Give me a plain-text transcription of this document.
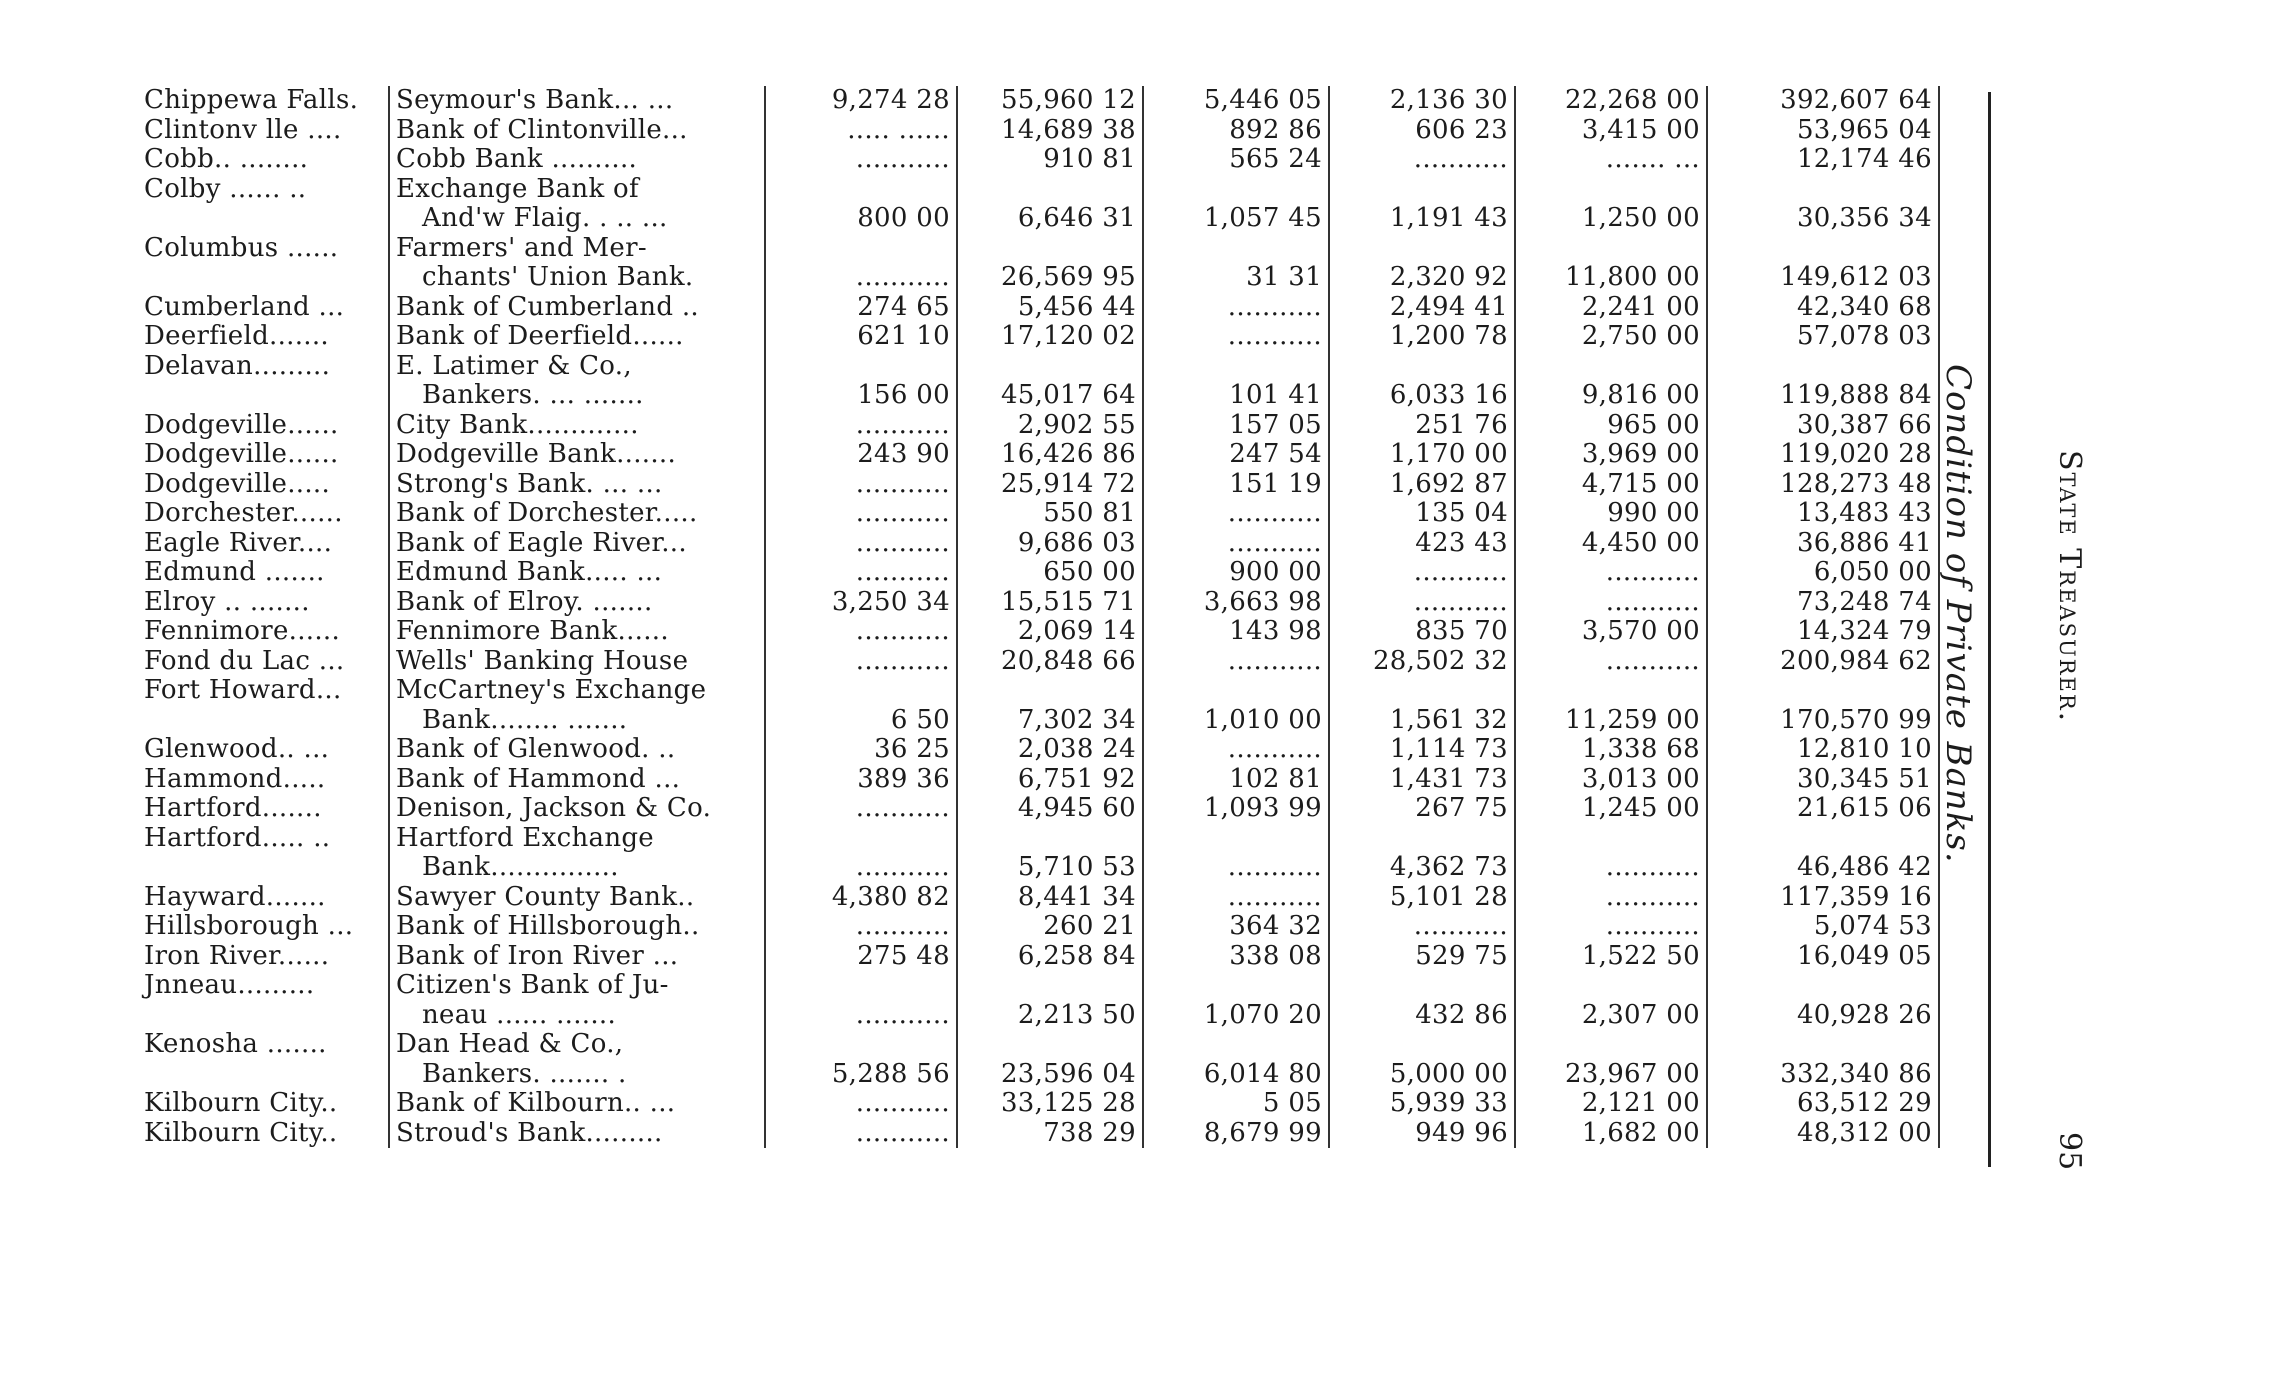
Chippewa Falls.	Seymour's Bank... ...	9,274 28	55,960 12	5,446 05	2,136 30	22,268 00	392,607 64
Clintonv lle ....	Bank of Clintonville...	..... ......	14,689 38	892 86	606 23	3,415 00	53,965 04
Cobb.. ........	Cobb Bank ..........	...........	910 81	565 24	...........	....... ...	12,174 46
Colby ...... ..	Exchange Bank of						
	And'w Flaig. . .. ...	800 00	6,646 31	1,057 45	1,191 43	1,250 00	30,356 34
Columbus ......	Farmers' and Mer-						
	chants' Union Bank.	...........	26,569 95	31 31	2,320 92	11,800 00	149,612 03
Cumberland ...	Bank of Cumberland ..	274 65	5,456 44	...........	2,494 41	2,241 00	42,340 68
Deerfield.......	Bank of Deerfield......	621 10	17,120 02	...........	1,200 78	2,750 00	57,078 03
Delavan.........	E. Latimer & Co.,						
	Bankers. ... .......	156 00	45,017 64	101 41	6,033 16	9,816 00	119,888 84
Dodgeville......	City Bank.............	...........	2,902 55	157 05	251 76	965 00	30,387 66
Dodgeville......	Dodgeville Bank.......	243 90	16,426 86	247 54	1,170 00	3,969 00	119,020 28
Dodgeville.....	Strong's Bank. ... ...	...........	25,914 72	151 19	1,692 87	4,715 00	128,273 48
Dorchester......	Bank of Dorchester.....	...........	550 81	...........	135 04	990 00	13,483 43
Eagle River....	Bank of Eagle River...	...........	9,686 03	...........	423 43	4,450 00	36,886 41
Edmund .......	Edmund Bank..... ...	...........	650 00	900 00	...........	...........	6,050 00
Elroy .. .......	Bank of Elroy. .......	3,250 34	15,515 71	3,663 98	...........	...........	73,248 74
Fennimore......	Fennimore Bank......	...........	2,069 14	143 98	835 70	3,570 00	14,324 79
Fond du Lac ...	Wells' Banking House	...........	20,848 66	...........	28,502 32	...........	200,984 62
Fort Howard...	McCartney's Exchange						
	Bank........ .......	6 50	7,302 34	1,010 00	1,561 32	11,259 00	170,570 99
Glenwood.. ...	Bank of Glenwood. ..	36 25	2,038 24	...........	1,114 73	1,338 68	12,810 10
Hammond.....	Bank of Hammond ...	389 36	6,751 92	102 81	1,431 73	3,013 00	30,345 51
Hartford.......	Denison, Jackson & Co.	...........	4,945 60	1,093 99	267 75	1,245 00	21,615 06
Hartford..... ..	Hartford Exchange						
	Bank...............	...........	5,710 53	...........	4,362 73	...........	46,486 42
Hayward.......	Sawyer County Bank..	4,380 82	8,441 34	...........	5,101 28	...........	117,359 16
Hillsborough ...	Bank of Hillsborough..	...........	260 21	364 32	...........	...........	5,074 53
Iron River......	Bank of Iron River ...	275 48	6,258 84	338 08	529 75	1,522 50	16,049 05
Jnneau.........	Citizen's Bank of Ju-						
	neau ...... .......	...........	2,213 50	1,070 20	432 86	2,307 00	40,928 26
Kenosha .......	Dan Head & Co.,						
	Bankers. ....... .	5,288 56	23,596 04	6,014 80	5,000 00	23,967 00	332,340 86
Kilbourn City..	Bank of Kilbourn.. ...	...........	33,125 28	5 05	5,939 33	2,121 00	63,512 29
Kilbourn City..	Stroud's Bank.........	...........	738 29	8,679 99	949 96	1,682 00	48,312 00
Condition of Private Banks. State Treasurer.
95
